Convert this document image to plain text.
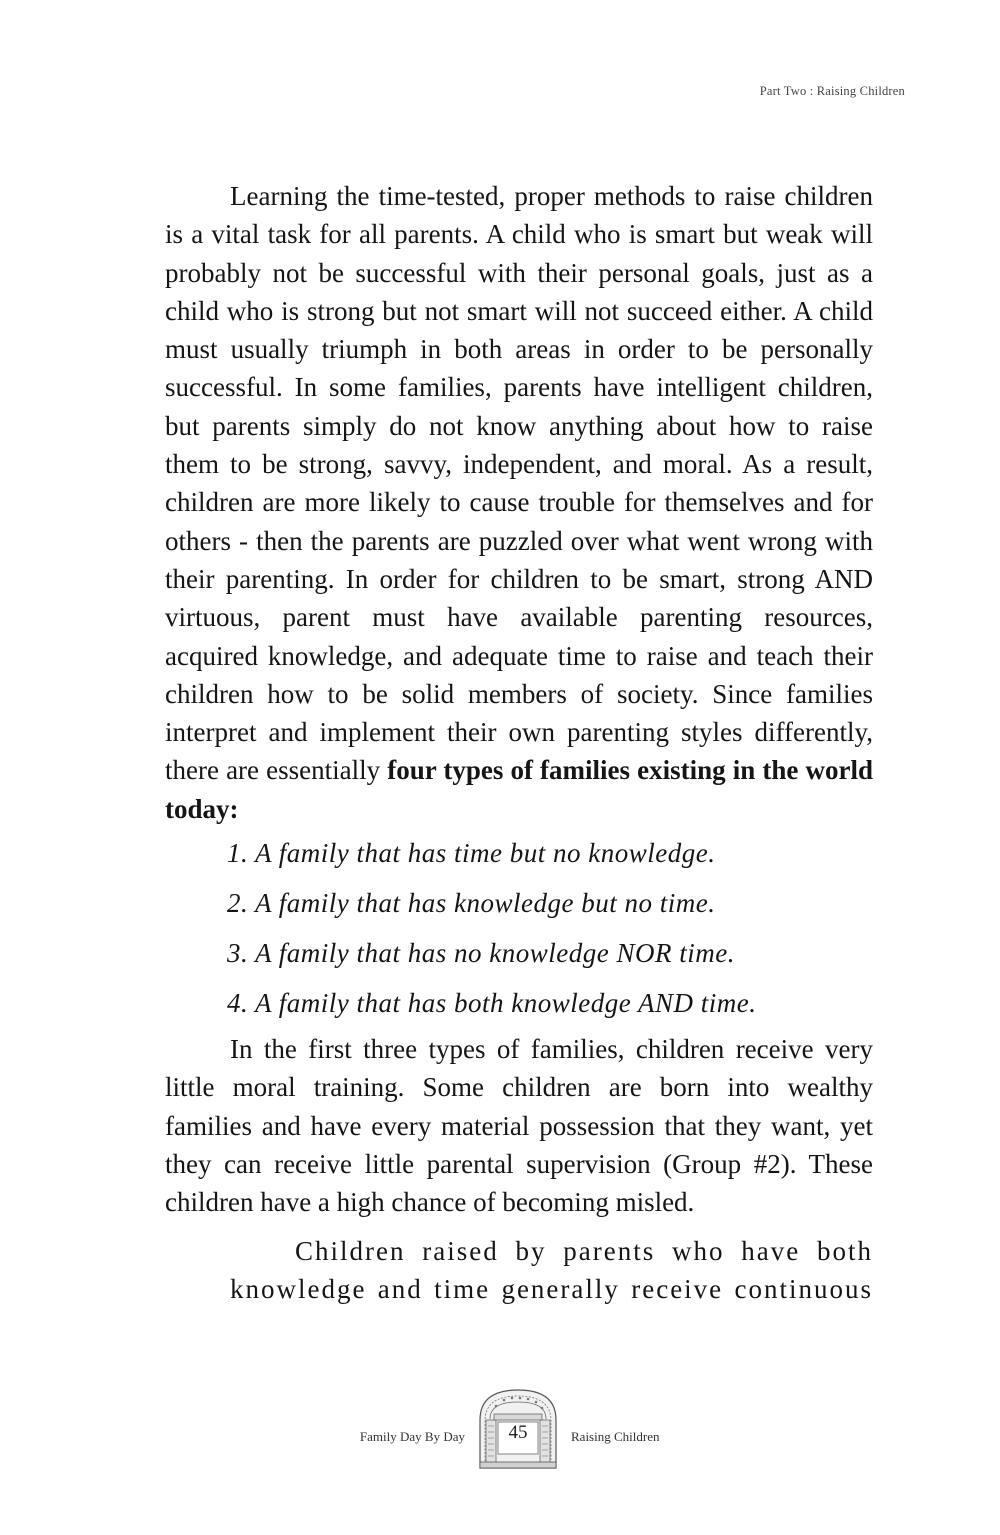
Part Two : Raising Children

Learning the time-tested, proper methods to raise children is a vital task for all parents. A child who is smart but weak will probably not be successful with their personal goals, just as a child who is strong but not smart will not succeed either. A child must usually triumph in both areas in order to be personally successful. In some families, parents have intelligent children, but parents simply do not know anything about how to raise them to be strong, savvy, independent, and moral. As a result, children are more likely to cause trouble for themselves and for others - then the parents are puzzled over what went wrong with their parenting. In order for children to be smart, strong AND virtuous, parent must have available parenting resources, acquired knowledge, and adequate time to raise and teach their children how to be solid members of society. Since families interpret and implement their own parenting styles differently, there are essentially four types of families existing in the world today:

1. A family that has time but no knowledge.
2. A family that has knowledge but no time.
3. A family that has no knowledge NOR time.
4. A family that has both knowledge AND time.

In the first three types of families, children receive very little moral training. Some children are born into wealthy families and have every material possession that they want, yet they can receive little parental supervision (Group #2). These children have a high chance of becoming misled.

Children raised by parents who have both knowledge and time generally receive continuous

Family Day By Day	45	Raising Children
